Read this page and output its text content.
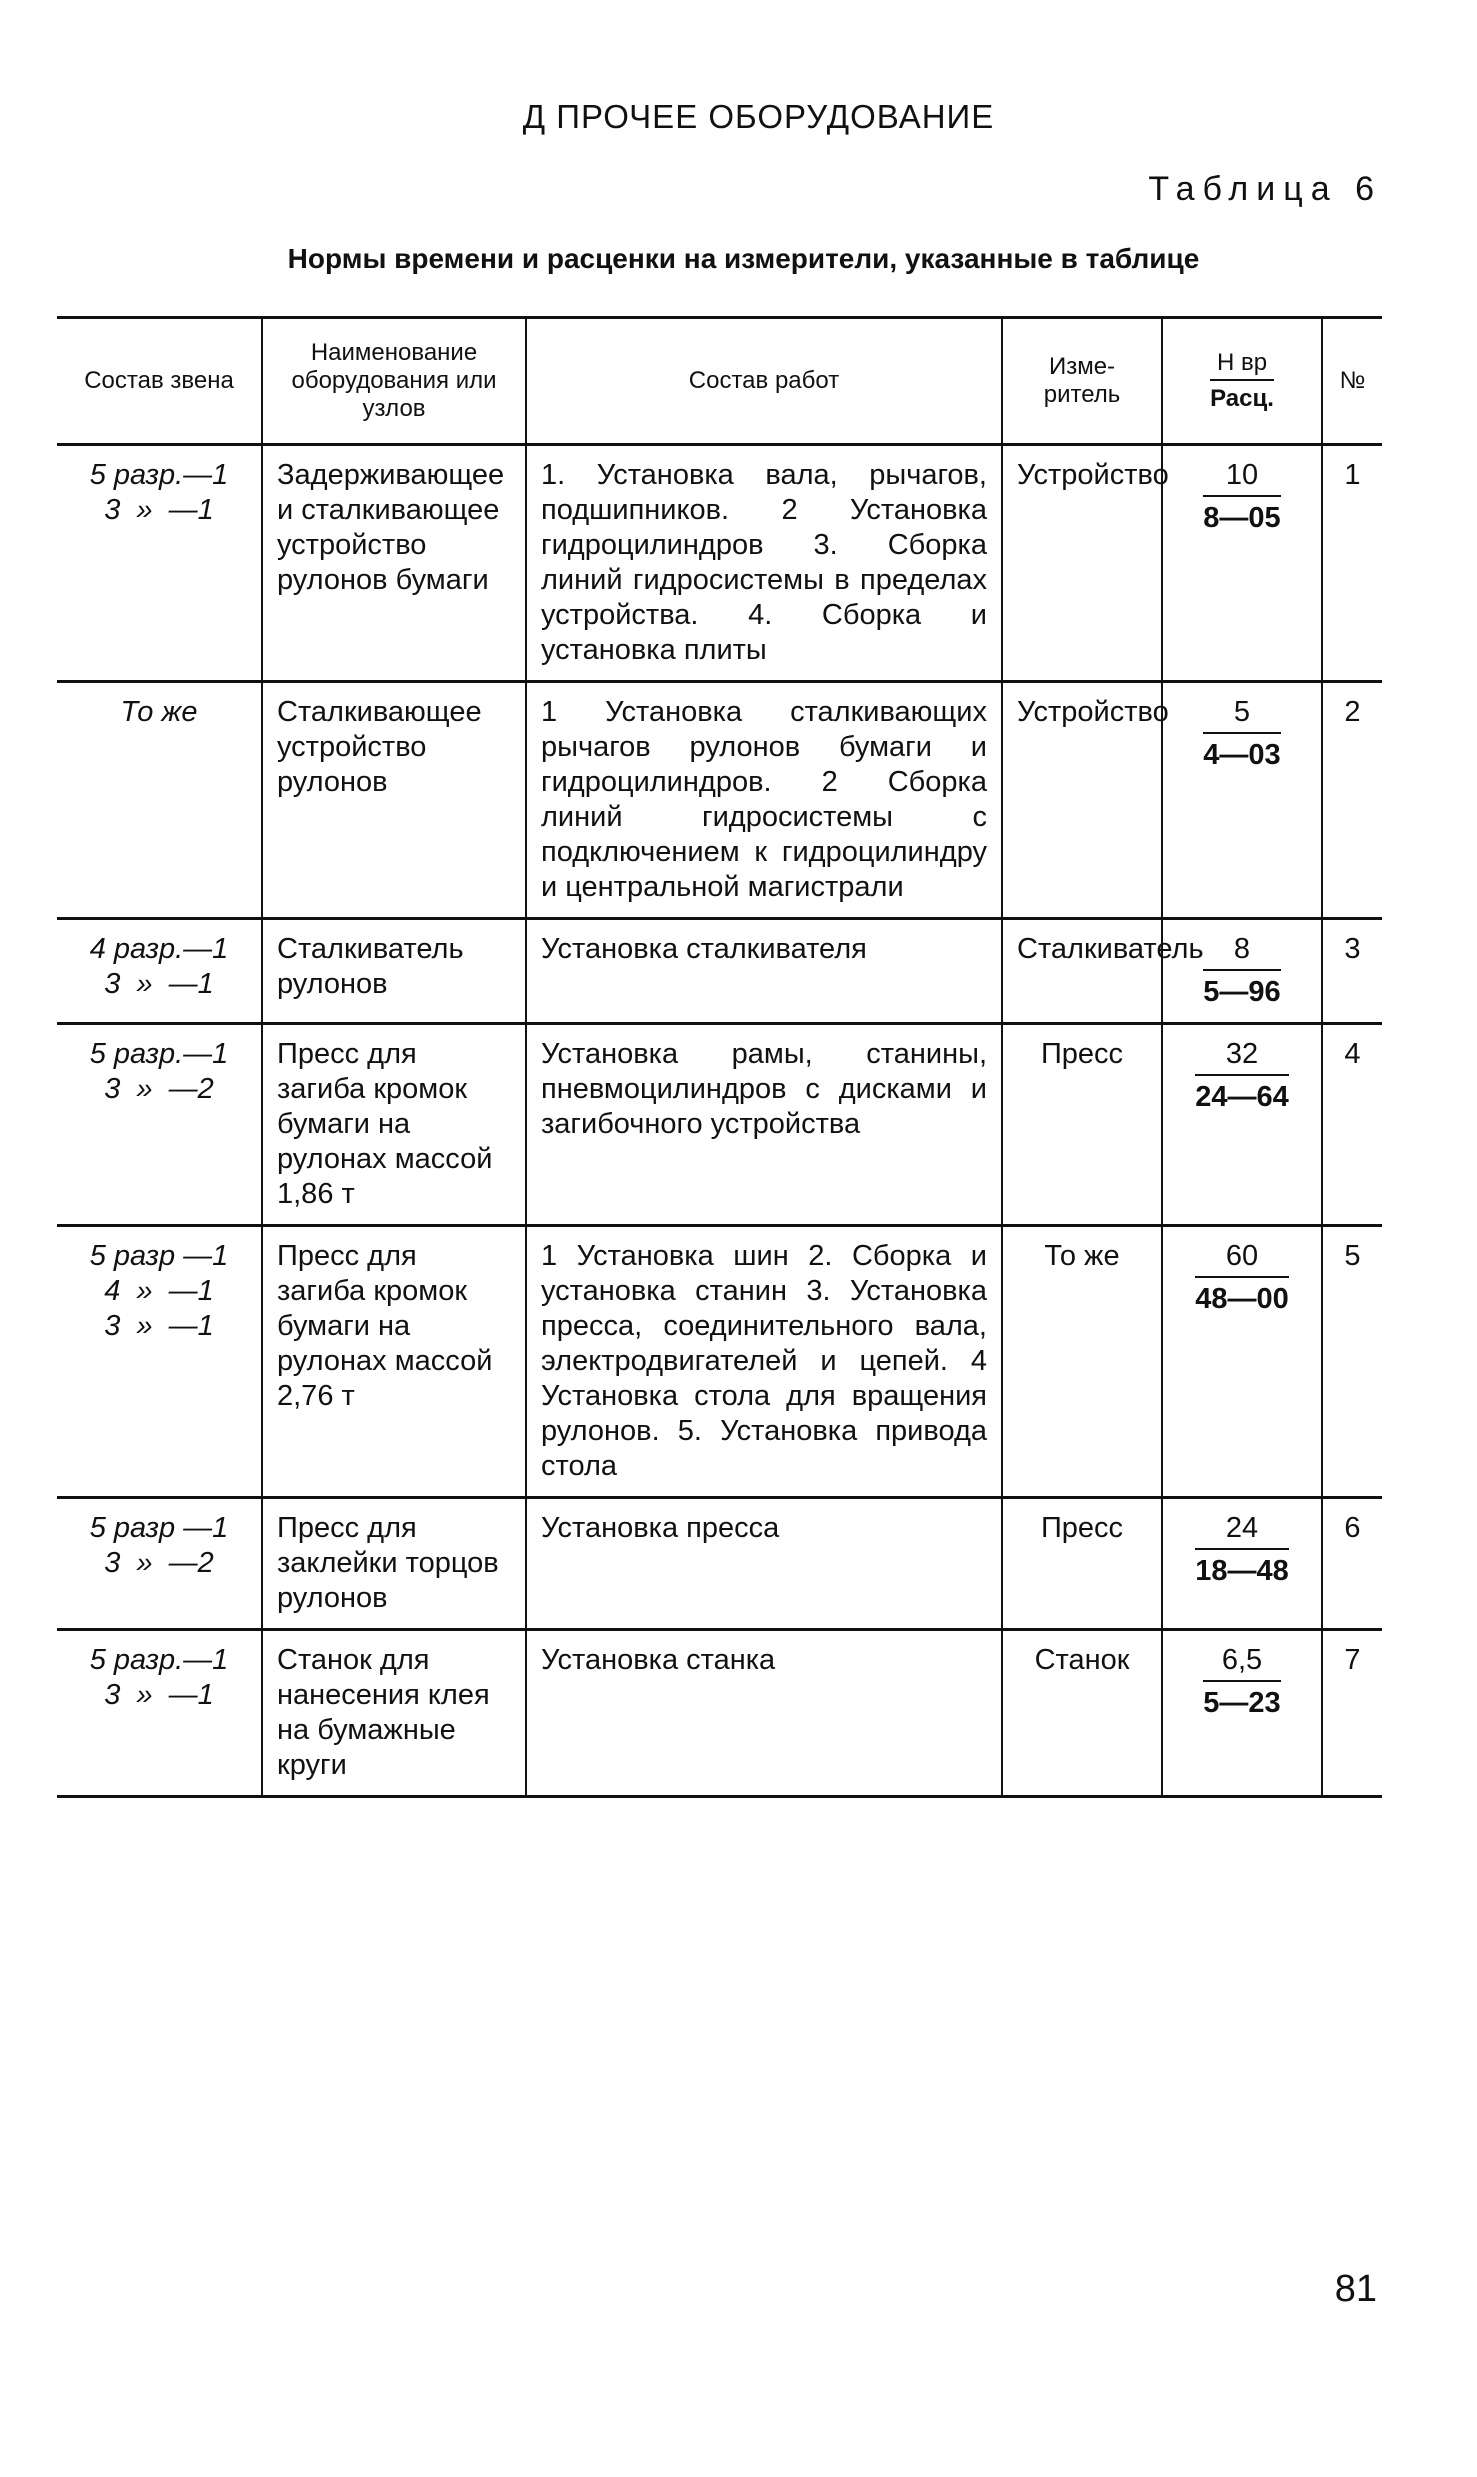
Д ПРОЧЕЕ ОБОРУДОВАНИЕ
Таблица 6
Нормы времени и расценки на измерители, указанные в таблице
Состав звена	Наименование оборудования или узлов	Состав работ	Изме-ритель	$\frac{\text{Н вр}}{\text{Расц.}}$	№

5 разр.—1
3  »  —1	Задерживающее и сталкивающее устройство рулонов бумаги	1. Установка вала, рычагов, подшипников. 2 Установка гидроцилиндров 3. Сборка линий гидросистемы в пределах устройства. 4. Сборка и установка плиты	Устройство	$\frac{10}{8—05}$	1

То же	Сталкивающее устройство рулонов	1 Установка сталкивающих рычагов рулонов бумаги и гидроцилиндров. 2 Сборка линий гидросистемы с подключением к гидроцилиндру и центральной магистрали	Устройство	$\frac{5}{4—03}$	2

4 разр.—1
3  »  —1	Сталкиватель рулонов	Установка сталкивателя	Сталкиватель	$\frac{8}{5—96}$	3

5 разр.—1
3  »  —2	Пресс для загиба кромок бумаги на рулонах массой 1,86 т	Установка рамы, станины, пневмоцилиндров с дисками и загибочного устройства	Пресс	$\frac{32}{24—64}$	4

5 разр —1
4  »  —1
3  »  —1	Пресс для загиба кромок бумаги на рулонах массой 2,76 т	1 Установка шин 2. Сборка и установка станин 3. Установка пресса, соединительного вала, электродвигателей и цепей. 4 Установка стола для вращения рулонов. 5. Установка привода стола	То же	$\frac{60}{48—00}$	5

5 разр —1
3  »  —2	Пресс для заклейки торцов рулонов	Установка пресса	Пресс	$\frac{24}{18—48}$	6

5 разр.—1
3  »  —1	Станок для нанесения клея на бумажные круги	Установка станка	Станок	$\frac{6,5}{5—23}$	7
81
